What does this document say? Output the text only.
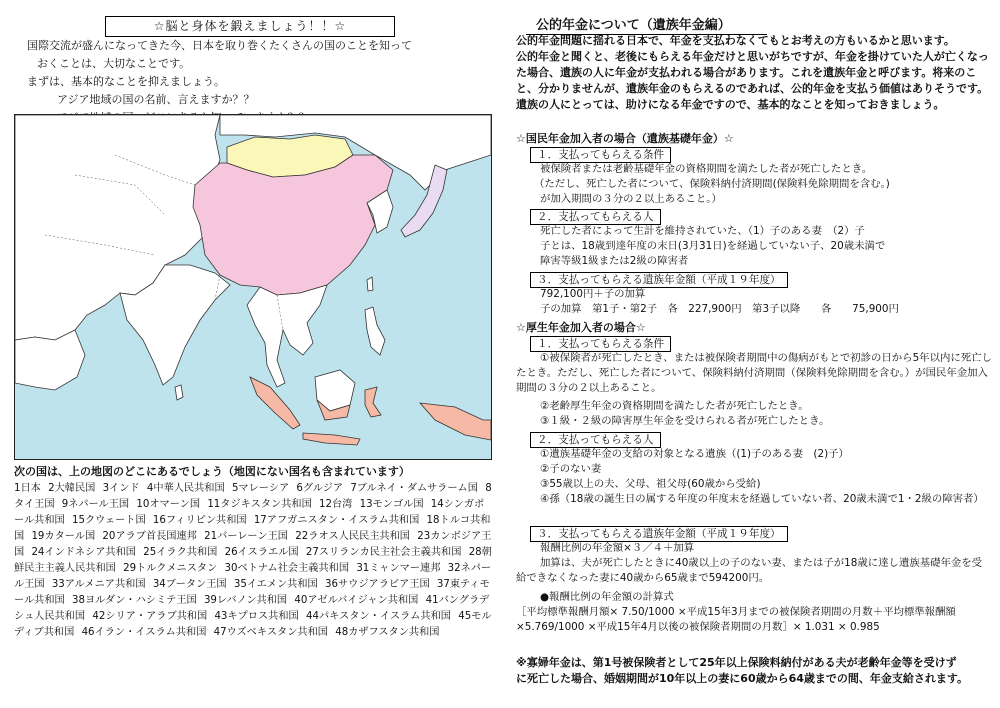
☆脳と身体を鍛えましょう！！☆

国際交流が盛んになってきた今、日本を取り巻くたくさんの国のことを知って

おくことは、大切なことです。

まずは、基本的なことを抑えましょう。

アジア地域の国の名前、言えますか？？

次の国は、上の地図のどこにあるでしょう（地図にない国名も含まれています）
1日本 2大韓民国 3インド 4中華人民共和国 5マレーシア 6グルジア 7ブルネイ・ダムサラーム国 8タイ王国 9ネパール王国 10オマーン国 11タジキスタン共和国 12台湾 13モンゴル国 14シンガポール共和国 15クウェート国 16フィリピン共和国 17アフガニスタン・イスラム共和国 18トルコ共和国 19カタール国 20アラブ首長国連邦 21バーレーン王国 22ラオス人民民主共和国 23カンボジア王国 24インドネシア共和国 25イラク共和国 26イスラエル国 27スリランカ民主社会主義共和国 28朝鮮民主主義人民共和国 29トルクメニスタン 30ベトナム社会主義共和国 31ミャンマー連邦 32ネパール王国 33アルメニア共和国 34ブータン王国 35イエメン共和国 36サウジアラビア王国 37東ティモール共和国 38ヨルダン・ハシミテ王国 39レバノン共和国 40アゼルバイジャン共和国 41バングラデシュ人民共和国 42シリア・アラブ共和国 43キプロス共和国 44パキスタン・イスラム共和国 45モルディブ共和国 46イラン・イスラム共和国 47ウズベキスタン共和国 48カザフスタン共和国
公的年金について（遺族年金編）

公的年金問題に揺れる日本で、年金を支払わなくてもとお考えの方もいるかと思います。

公的年金と聞くと、老後にもらえる年金だけと思いがちですが、年金を掛けていた人が亡くなった場合、遺族の人に年金が支払われる場合があります。これを遺族年金と呼びます。将来のこと、分かりませんが、遺族年金のもらえるのであれば、公的年金を支払う価値はありそうです。遺族の人にとっては、助けになる年金ですので、基本的なことを知っておきましょう。

☆国民年金加入者の場合（遺族基礎年金）☆
１．支払ってもらえる条件
被保険者または老齢基礎年金の資格期間を満たした者が死亡したとき。
（ただし、死亡した者について、保険料納付済期間(保険料免除期間を含む。)
が加入期間の３分の２以上あること。）
２．支払ってもらえる人
死亡した者によって生計を維持されていた、（1）子のある妻　（2）子
子とは、18歳到達年度の末日(3月31日)を経過していない子、20歳未満で
障害等級1級または2級の障害者
３．支払ってもらえる遺族年金額（平成１９年度）
792,100円＋子の加算
子の加算　第1子・第2子　各　227,900円　第3子以降　　各　　75,900円
☆厚生年金加入者の場合☆
１．支払ってもらえる条件
①被保険者が死亡したとき、または被保険者期間中の傷病がもとで初診の日から5年以内に死亡したとき。ただし、死亡した者について、保険料納付済期間（保険料免除期間を含む。）が国民年金加入期間の３分の２以上あること。
②老齢厚生年金の資格期間を満たした者が死亡したとき。
③１級・２級の障害厚生年金を受けられる者が死亡したとき。
２．支払ってもらえる人
①遺族基礎年金の支給の対象となる遺族（(1)子のある妻　(2)子）
②子のない妻
③55歳以上の夫、父母、祖父母(60歳から受給)
④孫（18歳の誕生日の属する年度の年度末を経過していない者、20歳未満で1・2級の障害者）
３．支払ってもらえる遺族年金額（平成１９年度）
報酬比例の年金額×３／４＋加算
加算は、夫が死亡したときに40歳以上の子のない妻、または子が18歳に達し遺族基礎年金を受給できなくなった妻に40歳から65歳まで594200円。
●報酬比例の年金額の計算式
［平均標準報酬月額× 7.50/1000 ×平成15年3月までの被保険者期間の月数＋平均標準報酬額×5.769/1000 ×平成15年4月以後の被保険者期間の月数］× 1.031 × 0.985

※寡婦年金は、第1号被保険者として25年以上保険料納付がある夫が老齢年金等を受けず

に死亡した場合、婚姻期間が10年以上の妻に60歳から64歳までの間、年金支給されます。
